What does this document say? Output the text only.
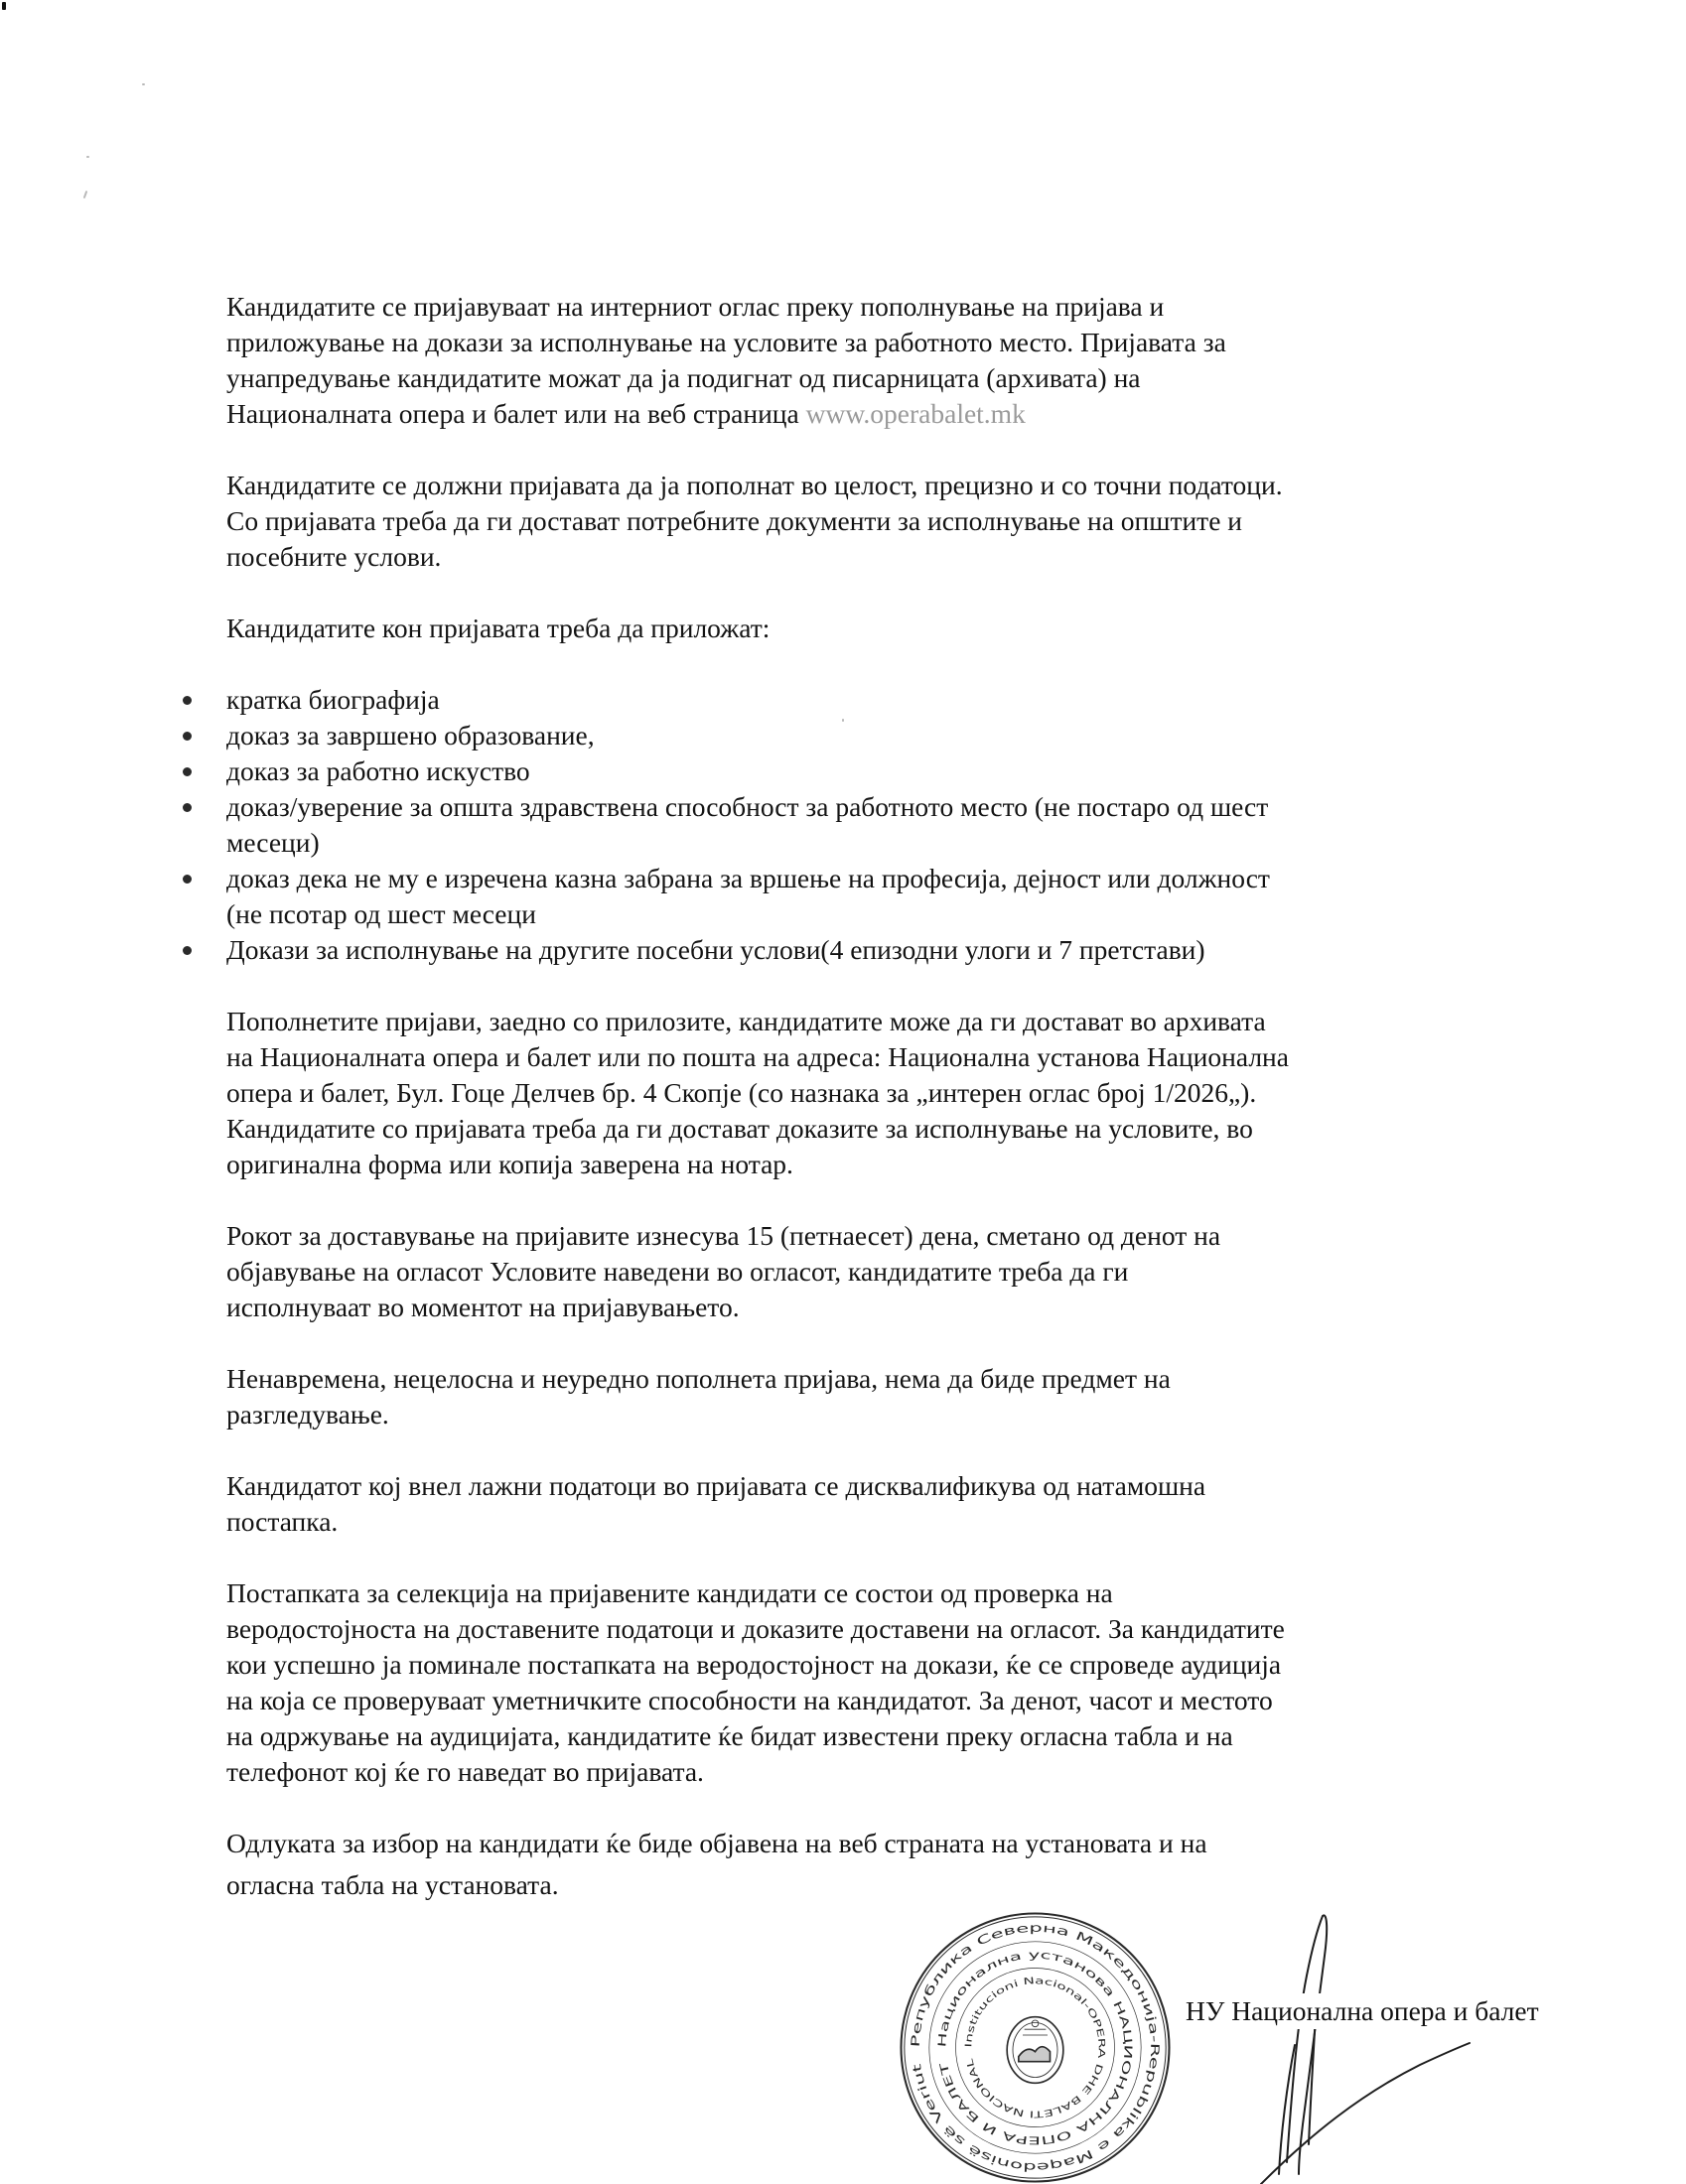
Кандидатите се пријавуваат на интерниот оглас преку пополнување на пријава и
приложување на докази за исполнување на условите за работното место. Пријавата за
унапредување кандидатите можат да ја подигнат од писарницата (архивата) на
Националната опера и балет или на веб страница www.operabalet.mk

Кандидатите се должни пријавата да ја пополнат во целост, прецизно и со точни податоци.
Со пријавата треба да ги достават потребните документи за исполнување на општите и
посебните услови.

Кандидатите кон пријавата треба да приложат:

кратка биографија
доказ за завршено образование,
доказ за работно искуство
доказ/уверение за општа здравствена способност за работното место (не постаро од шест
месеци)
доказ дека не му е изречена казна забрана за вршење на професија, дејност или должност
(не псотар од шест месеци
Докази за исполнување на другите посебни услови(4 епизодни улоги и 7 претстави)

Пополнетите пријави, заедно со прилозите, кандидатите може да ги достават во архивата
на Националната опера и балет или по пошта на адреса: Национална установа Национална
опера и балет, Бул. Гоце Делчев бр. 4 Скопје (со назнака за „интерен оглас број 1/2026„).
Кандидатите со пријавата треба да ги достават доказите за исполнување на условите, во
оригинална форма или копија заверена на нотар.

Рокот за доставување на пријавите изнесува 15 (петнаесет) дена, сметано од денот на
објавување на огласот Условите наведени во огласот, кандидатите треба да ги
исполнуваат во моментот на пријавувањето.

Ненавремена, нецелосна и неуредно пополнета пријава, нема да биде предмет на
разгледување.

Кандидатот кој внел лажни податоци во пријавата се дисквалификува од натамошна
постапка.

Постапката за селекција на пријавените кандидати се состои од проверка на
веродостојноста на доставените податоци и доказите доставени на огласот. За кандидатите
кои успешно ја поминале постапката на веродостојност на докази, ќе се спроведе аудиција
на која се проверуваат уметничките способности на кандидатот. За денот, часот и местото
на одржување на аудицијата, кандидатите ќе бидат известени преку огласна табла и на
телефонот кој ќе го наведат во пријавата.

Одлуката за избор на кандидати ќе биде објавена на веб страната на установата и на
огласна табла на установата.

Република Северна Македонија-Republika e Maqedonisë së Veriut
Национална установа НАЦИОНАЛНА ОПЕРА И БАЛЕТ
Institucioni Nacional-OPERA DHE BALETI NACIONAL
НУ Национална опера и балет
